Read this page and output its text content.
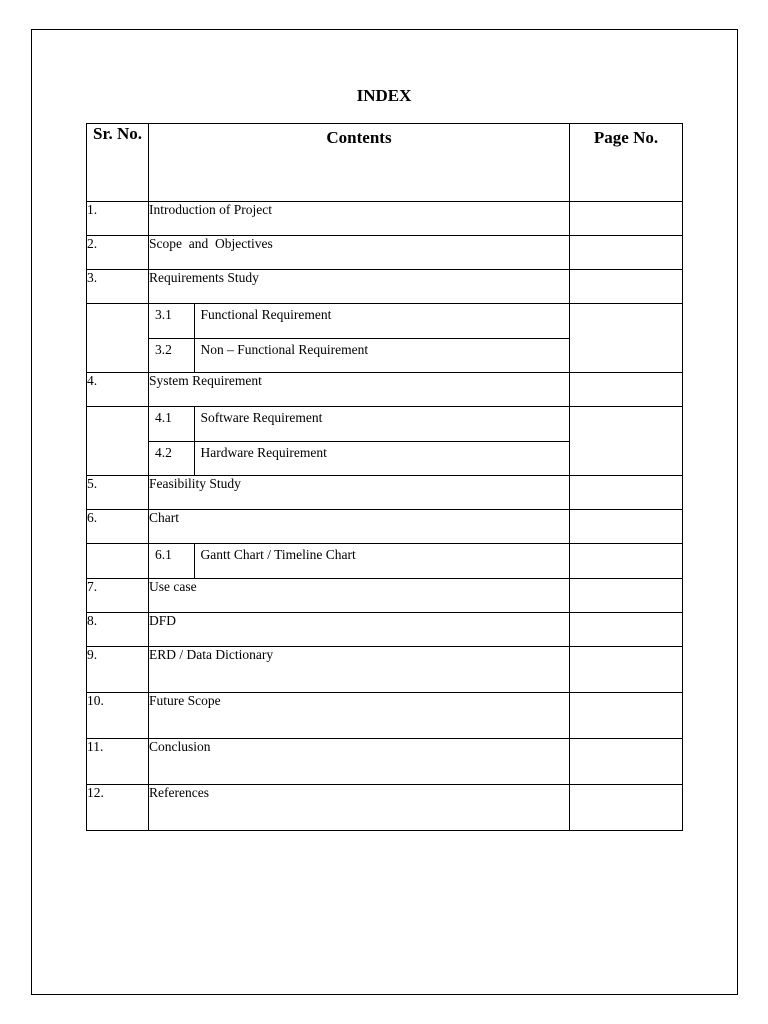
INDEX
Sr. No.	Contents	Page No.
1.	Introduction of Project	
2.	Scope  and  Objectives	
3.	Requirements Study	

3.1	Functional Requirement
3.2	Non – Functional Requirement

4.	System Requirement	

4.1	Software Requirement
4.2	Hardware Requirement

5.	Feasibility Study	
6.	Chart	

6.1	Gantt Chart / Timeline Chart

7.	Use case	
8.	DFD	
9.	ERD / Data Dictionary	
10.	Future Scope	
11.	Conclusion	
12.	References	
